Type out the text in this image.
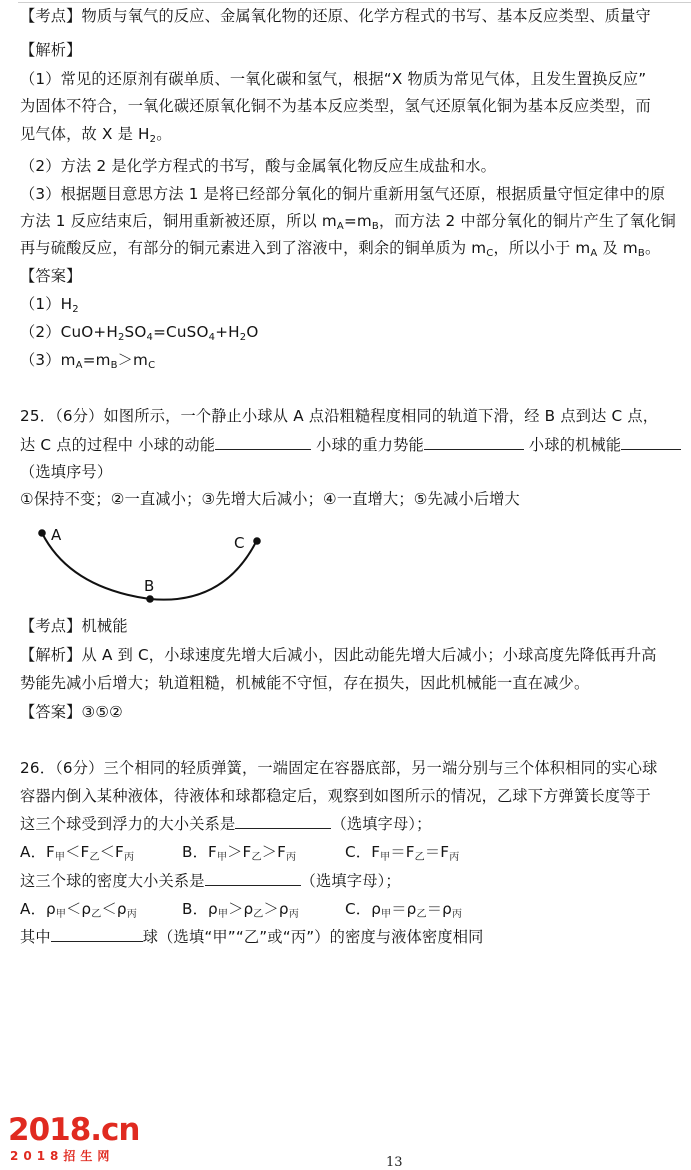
【考点】物质与氧气的反应、金属氧化物的还原、化学方程式的书写、基本反应类型、质量守
【解析】
（1）常见的还原剂有碳单质、一氧化碳和氢气，根据“X 物质为常见气体，且发生置换反应”
为固体不符合，一氧化碳还原氧化铜不为基本反应类型，氢气还原氧化铜为基本反应类型，而
见气体，故 X 是 $H_2$。
（2）方法 2 是化学方程式的书写，酸与金属氧化物反应生成盐和水。
（3）根据题目意思方法 1 是将已经部分氧化的铜片重新用氢气还原，根据质量守恒定律中的原
方法 1 反应结束后，铜用重新被还原，所以 $m_A=m_B$，而方法 2 中部分氧化的铜片产生了氧化铜
再与硫酸反应，有部分的铜元素进入到了溶液中，剩余的铜单质为 $m_C$，所以小于 $m_A$ 及 $m_B$。
【答案】
$(1)H_2$
$(2)CuO+H_2SO_4=CuSO_4+H_2O$
$(3)m_A=m_B>m_C$
25．（6分）如图所示，一个静止小球从 A 点沿粗糙程度相同的轨道下滑，经 B 点到达 C 点，
达 C 点的过程中 小球的动能	小球的重力势能	小球的机械能
（选填序号）
①保持不变；②一直减小；③先增大后减小；④一直增大；⑤先减小后增大
A
B
C
【考点】机械能
【解析】从 A 到 C，小球速度先增大后减小，因此动能先增大后减小；小球高度先降低再升高
势能先减小后增大；轨道粗糙，机械能不守恒，存在损失，因此机械能一直在减少。
【答案】③⑤②
26．（6分）三个相同的轻质弹簧，一端固定在容器底部，另一端分别与三个体积相同的实心球
容器内倒入某种液体，待液体和球都稳定后，观察到如图所示的情况，乙球下方弹簧长度等于
这三个球受到浮力的大小关系是	（选填字母）；
A．$F_甲<F_乙<F_丙$	B．$F_甲>F_乙>F_丙$	C．$F_甲=F_乙=F_丙$
这三个球的密度大小关系是	（选填字母）；
A．$\rho_甲<\rho_乙<\rho_丙$	B．$\rho_甲>\rho_乙>\rho_丙$	C．$\rho_甲=\rho_乙=\rho_丙$
其中	球（选填“甲”“乙”或“丙”）的密度与液体密度相同
2018.cn
2018招生网	13
